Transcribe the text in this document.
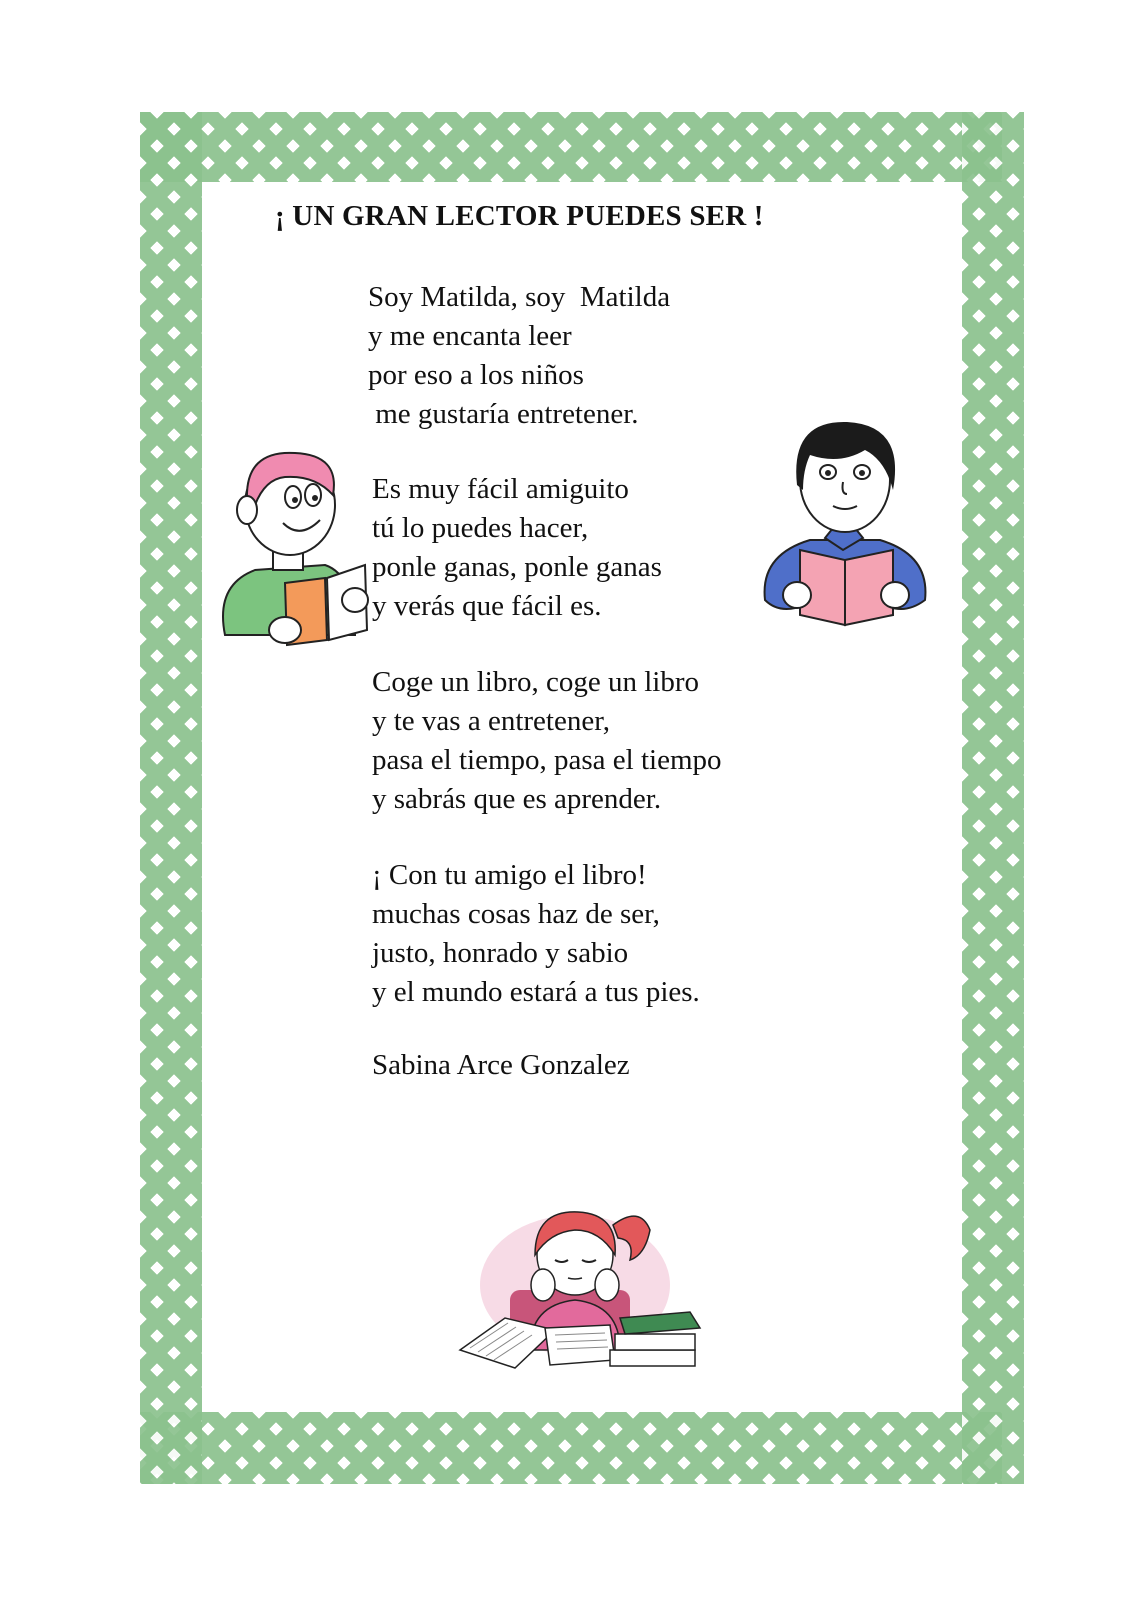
¡ UN GRAN LECTOR PUEDES SER !
Soy Matilda, soy  Matilda
y me encanta leer
por eso a los niños
me gustaría entretener.
Es muy fácil amiguito
tú lo puedes hacer,
ponle ganas, ponle ganas
y verás que fácil es.
Coge un libro, coge un libro
y te vas a entretener,
pasa el tiempo, pasa el tiempo
y sabrás que es aprender.
¡ Con tu amigo el libro!
muchas cosas haz de ser,
justo, honrado y sabio
y el mundo estará a tus pies.
Sabina Arce Gonzalez
